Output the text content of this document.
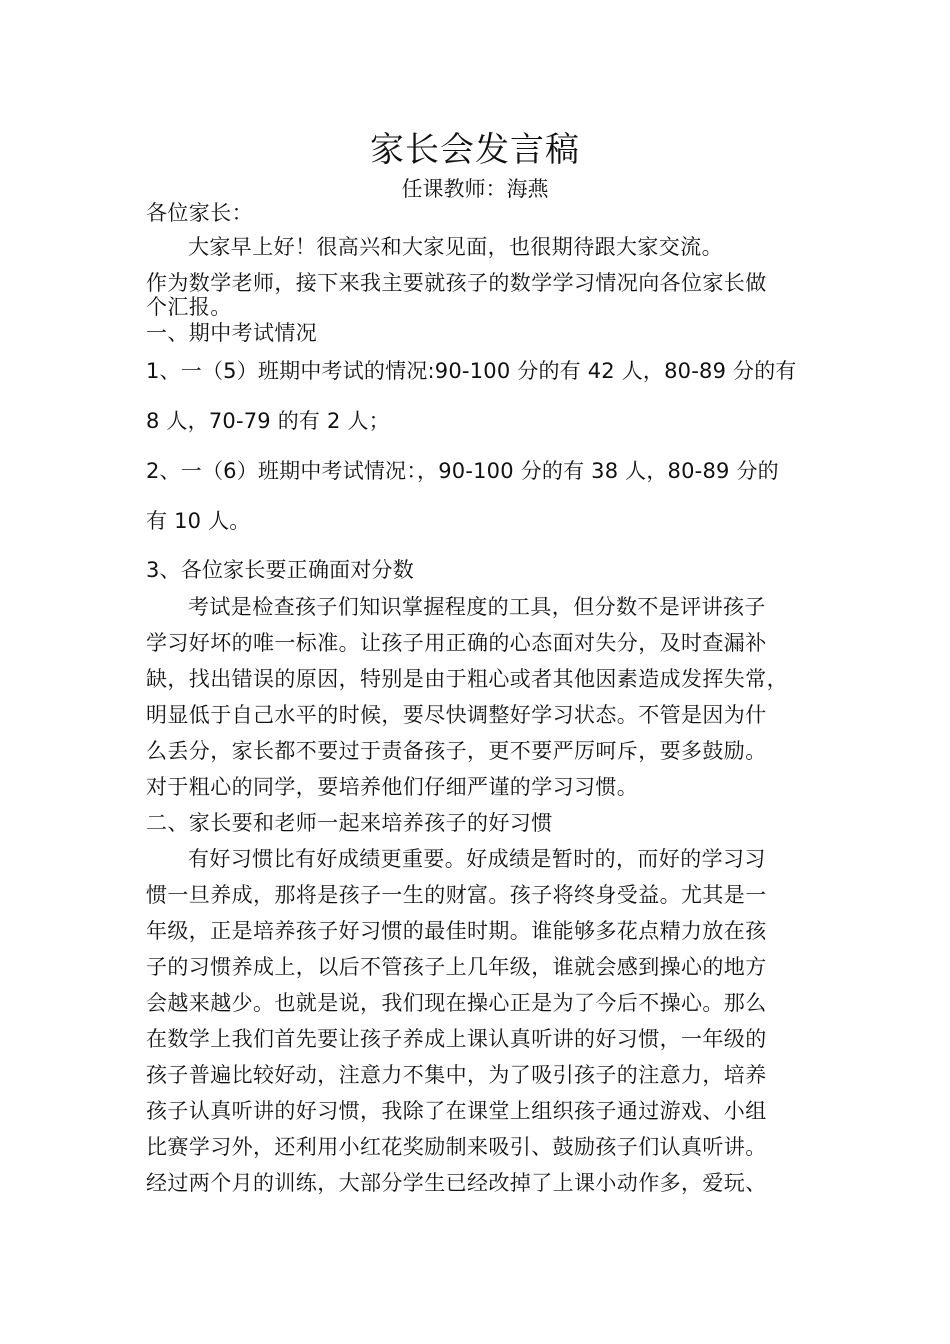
家长会发言稿
任课教师：海燕
各位家长：
大家早上好！很高兴和大家见面，也很期待跟大家交流。
作为数学老师，接下来我主要就孩子的数学学习情况向各位家长做
个汇报。
一、期中考试情况
1、一（5）班期中考试的情况:90-100 分的有 42 人，80-89 分的有
8 人，70-79 的有 2 人；
2、一（6）班期中考试情况：，90-100 分的有 38 人，80-89 分的
有 10 人。
3、各位家长要正确面对分数
考试是检查孩子们知识掌握程度的工具，但分数不是评讲孩子
学习好坏的唯一标准。让孩子用正确的心态面对失分，及时查漏补
缺，找出错误的原因，特别是由于粗心或者其他因素造成发挥失常，
明显低于自己水平的时候，要尽快调整好学习状态。不管是因为什
么丢分，家长都不要过于责备孩子，更不要严厉呵斥，要多鼓励。
对于粗心的同学，要培养他们仔细严谨的学习习惯。
二、家长要和老师一起来培养孩子的好习惯
有好习惯比有好成绩更重要。好成绩是暂时的，而好的学习习
惯一旦养成，那将是孩子一生的财富。孩子将终身受益。尤其是一
年级，正是培养孩子好习惯的最佳时期。谁能够多花点精力放在孩
子的习惯养成上，以后不管孩子上几年级，谁就会感到操心的地方
会越来越少。也就是说，我们现在操心正是为了今后不操心。那么
在数学上我们首先要让孩子养成上课认真听讲的好习惯，一年级的
孩子普遍比较好动，注意力不集中，为了吸引孩子的注意力，培养
孩子认真听讲的好习惯，我除了在课堂上组织孩子通过游戏、小组
比赛学习外，还利用小红花奖励制来吸引、鼓励孩子们认真听讲。
经过两个月的训练，大部分学生已经改掉了上课小动作多，爱玩、
